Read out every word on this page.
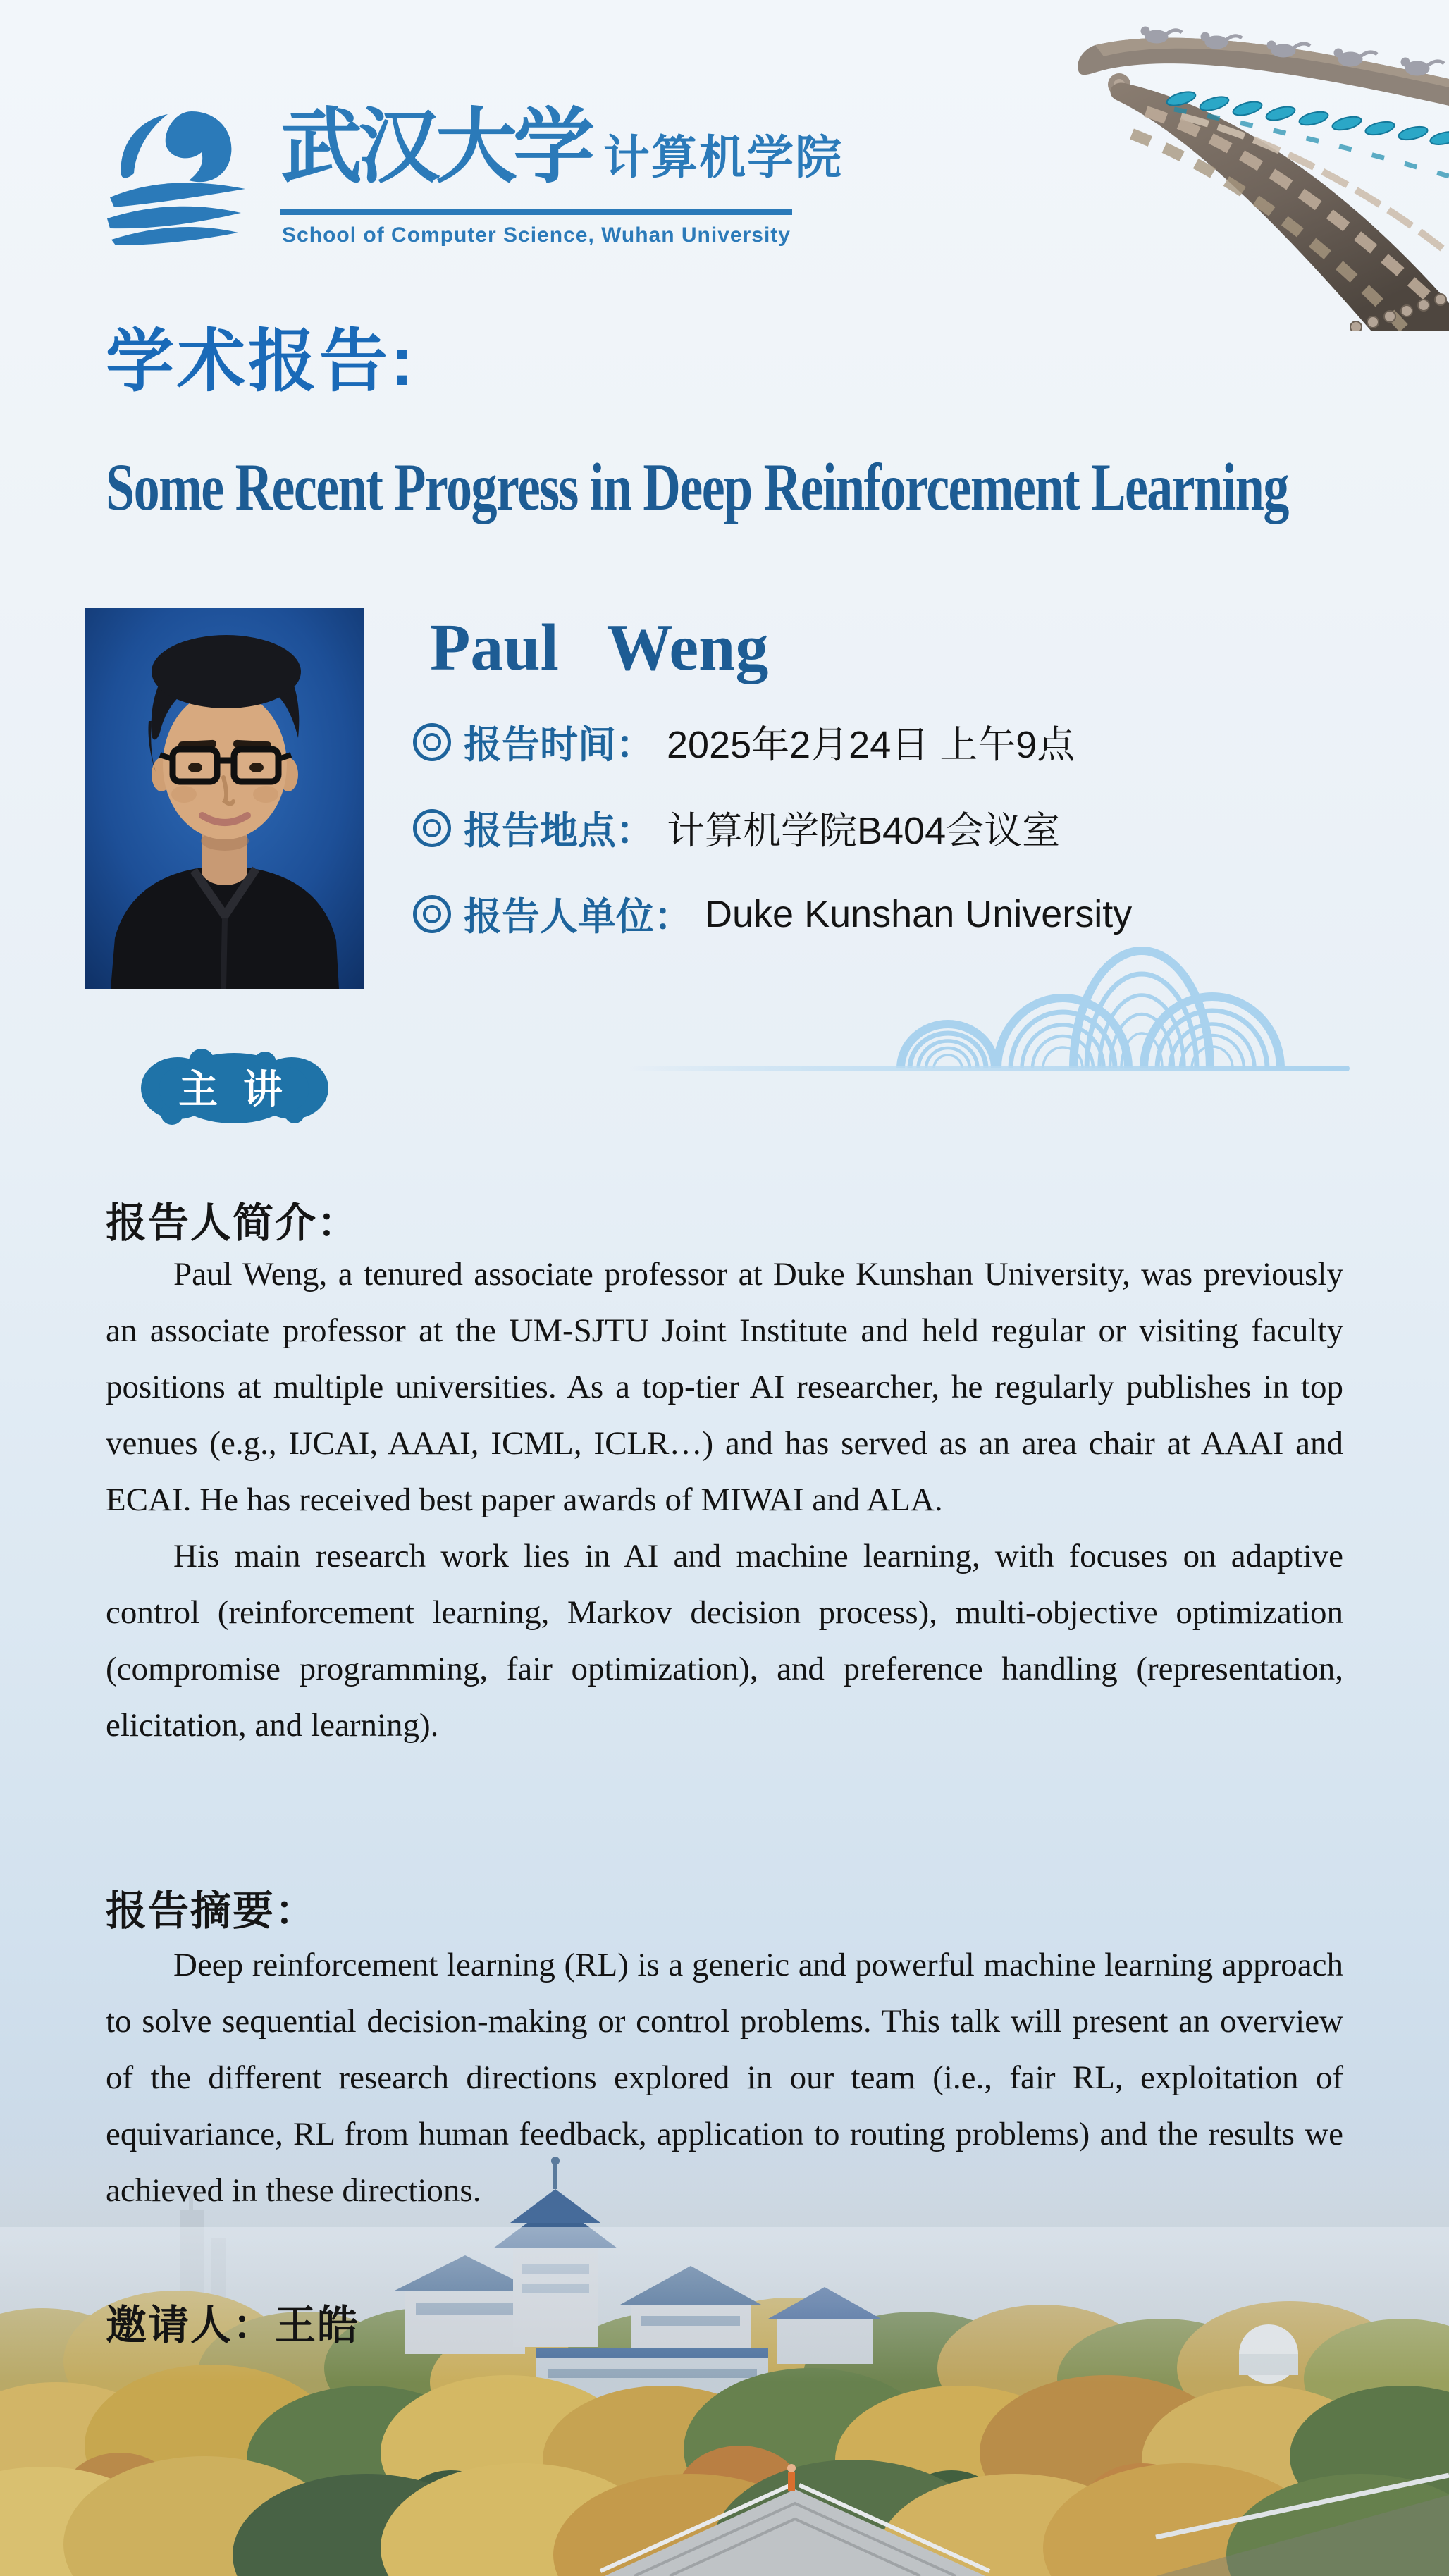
武汉大学 计算机学院
School of Computer Science, Wuhan University
学术报告:
Some Recent Progress in Deep Reinforcement Learning
Paul Weng
报告时间： 2025年2月24日 上午9点
报告地点： 计算机学院B404会议室
报告人单位： Duke Kunshan University
主 讲
报告人简介：

Paul Weng, a tenured associate professor at Duke Kunshan University, was previously an associate professor at the UM-SJTU Joint Institute and held regular or visiting faculty positions at multiple universities. As a top-tier AI researcher, he regularly publishes in top venues (e.g., IJCAI, AAAI, ICML, ICLR…) and has served as an area chair at AAAI and ECAI. He has received best paper awards of MIWAI and ALA.

His main research work lies in AI and machine learning, with focuses on adaptive control (reinforcement learning, Markov decision process), multi-objective optimization (compromise programming, fair optimization), and preference handling (representation, elicitation, and learning).

报告摘要：

Deep reinforcement learning (RL) is a generic and powerful machine learning approach to solve sequential decision-making or control problems. This talk will present an overview of the different research directions explored in our team (i.e., fair RL, exploitation of equivariance, RL from human feedback, application to routing problems) and the results we achieved in these directions.

邀请人： 王皓
